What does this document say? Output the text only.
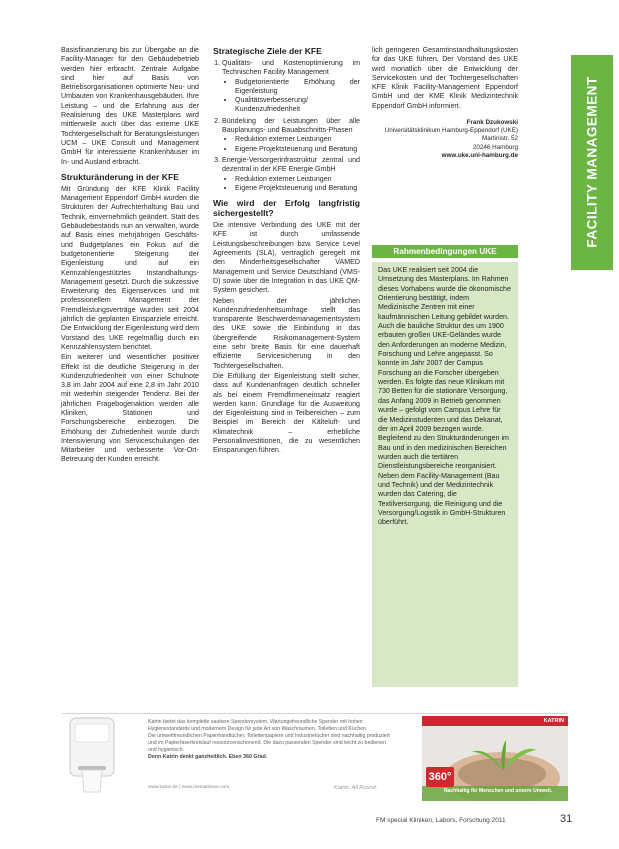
Basisfinanzierung bis zur Übergabe an die Facility-Manager für den Gebäudebetrieb werden hier erbracht. Zentrale Aufgabe sind hier auf Basis von Betriebsorganisationen optimierte Neu- und Umbauten von Krankenhausgebäuden. Ihre Leistung – und die Erfahrung aus der Realisierung des UKE Masterplans wird mittlerweile auch über das externe UKE Tochtergesellschaft für Beratungsleistungen UCM – UKE Consult und Management GmbH für interessierte Krankenhäuser im In- und Ausland erbracht.

Strukturänderung in der KFE

Mit Gründung der KFE Klinik Facility Management Eppendorf GmbH wurden die Strukturen der Aufrechterhaltung Bau und Technik, einvernehmlich geändert. Statt des Gebäudebestands nun an verwalten, wurde auf Basis eines mehrjährigen Geschäfts- und Budgetplanes ein Fokus auf die budgetorientierte Steigerung der Eigenleistung und auf ein Kennzahlengestütztes Instandhaltungs-Management gesetzt. Durch die sukzessive Erweiterung des Eigenservices und mit professionellem Management der Fremdleistungsverträge wurden seit 2004 jährlich die geplanten Einsparziele erreicht. Die Entwicklung der Eigenleistung wird dem Vorstand des UKE regelmäßig durch ein Kennzahlensystem berichtet.

Ein weiterer und wesentlicher positiver Effekt ist die deutliche Steigerung in der Kundenzufriedenheit von einer Schulnote 3,8 im Jahr 2004 auf eine 2,8 im Jahr 2010 mit weiterhin steigender Tendenz. Bei der jährlichen Fragebogenaktion werden alle Kliniken, Stationen und Forschungsbereiche einbezogen. Die Erhöhung der Zufriedenheit wurde durch Intensivierung von Serviceschulungen der Mitarbeiter und verbesserte Vor-Ort-Betreuung der Kunden erreicht.

Strategische Ziele der KFE
1. Qualitäts- und Kostenoptimierung im Technischen Facility Management
• Budgetorientierte Erhöhung der Eigenleistung
• Qualitätsverbesserung/ Kundenzufriedenheit
2. Bündelung der Leistungen über alle Bauplanungs- und Bauabschnitts-Phasen
• Reduktion externer Leistungen
• Eigene Projektsteuerung und Beratung
3. Energie-Versorgerinfrastruktur zentral und dezentral in der KFE Energie GmbH
• Reduktion externer Leistungen
• Eigene Projektsteuerung und Beratung
Wie wird der Erfolg langfristig sichergestellt?

Die intensive Verbindung des UKE mit der KFE ist durch umfassende Leistungsbeschreibungen bzw. Service Level Agreements (SLA), vertraglich geregelt mit den Minderheitsgesellschafter VAMED Management und Service Deutschland (VMS-D) sowie über die Integration in das UKE QM-System gesichert.

Neben der jährlichen Kundenzufriedenheitsumfrage stellt das transparente Beschwerdemanagementsystem des UKE sowie die Einbindung in das übergreifende Risikomanagement-System eine sehr breite Basis für eine dauerhaft effiziente Servicesicherung in den Tochtergesellschaften.

Die Erfüllung der Eigenleistung stellt sicher, dass auf Kundenanfragen deutlich schneller als bei einem Fremdfirmeneinsatz reagiert werden kann. Grundlage für die Ausweitung der Eigenleistung sind in Teilbereichen – zum Beispiel im Bereich der Kälteluft- und Klimatechnik – erhebliche Personalinvestitionen, die zu wesentlichen Einsparungen führen.

lich geringeren Gesamtinstandhaltungskosten für das UKE führen. Der Vorstand des UKE wird monatlich über die Entwicklung der Servicekosten und der Tochtergesellschaften KFE Klinik Facility-Management Eppendorf GmbH und der KME Klinik Medizintechnik Eppendorf GmbH informiert.

Frank Dzukowski
Universitätsklinikum Hamburg-Eppendorf (UKE)
Martinistr. 52
20246 Hamburg
www.uke.uni-hamburg.de
Rahmenbedingungen UKE
Das UKE realisiert seit 2004 die Umsetzung des Masterplans. Im Rahmen dieses Vorhabens wurde die ökonomische Orientierung bestätigt, indem Medizinische Zentren mit einer kaufmännischen Leitung gebildet wurden. Auch die bauliche Struktur des um 1900 erbauten großen UKE-Geländes wurde den Anforderungen an moderne Medizin, Forschung und Lehre angepasst. So konnte im Jahr 2007 der Campus Forschung an die Forscher übergeben werden. Es folgte das neue Klinikum mit 730 Betten für die stationäre Versorgung, das Anfang 2009 in Betrieb genommen wurde – gefolgt vom Campus Lehre für die Medizinstudenten und das Dekanat, der im April 2009 bezogen wurde. Begleitend zu den Strukturänderungen im Bau und in den medizinischen Bereichen wurden auch die tertiären Dienstleistungsbereiche reorganisiert. Neben dem Facility-Management (Bau und Technik) und der Medizintechnik wurden das Catering, die Textilversorgung, die Reinigung und die Versorgung/Logistik in GmbH-Strukturen überführt.
FACILITY MANAGEMENT
Katrin bietet das komplette saubere Spendersystem. Wartungsfreundliche Spender mit hohen Hygienestandards und modernem Design für jede Art von Waschräumen, Toiletten und Küchen.
Die umweltfreundlichen Papierhandtücher, Toilettenpapiere und Industrietücher sind nachhaltig produziert und im Papierfaserkreislauf ressourcenschonend. Die dazu passenden Spender sind leicht zu bedienen und hygienisch.
Denn Katrin denkt ganzheitlich. Eben 360 Grad.
www.katrin.de | www.metsatissue.com	Katrin. All Round.
KATRIN
360°
Nachhaltig für Menschen und unsere Umwelt.
FM special Kliniken, Labors, Forschung 2011	31
